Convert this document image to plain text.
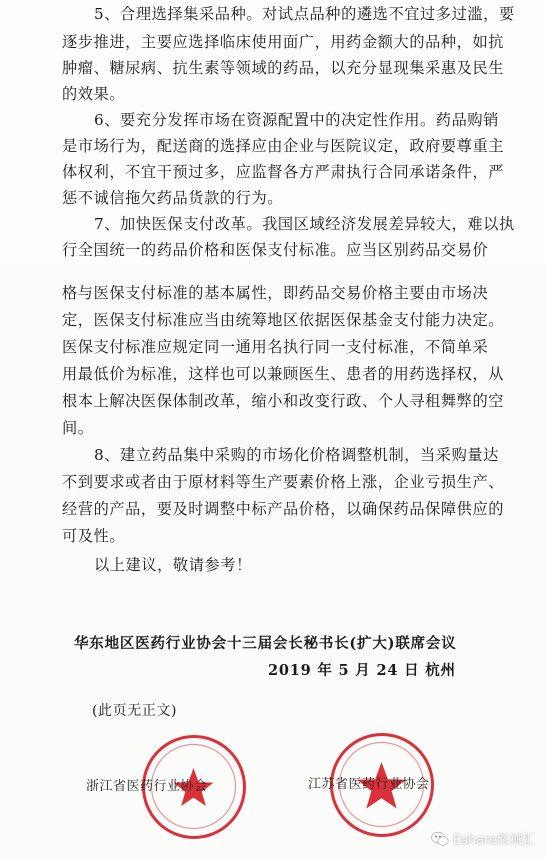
5、合理选择集采品种。对试点品种的遴选不宜过多过滥，要
逐步推进，主要应选择临床使用面广，用药金额大的品种，如抗
肿瘤、糖尿病、抗生素等领域的药品，以充分显现集采惠及民生
的效果。
6、要充分发挥市场在资源配置中的决定性作用。药品购销
是市场行为，配送商的选择应由企业与医院议定，政府要尊重主
体权利，不宜干预过多，应监督各方严肃执行合同承诺条件，严
惩不诚信拖欠药品货款的行为。
7、加快医保支付改革。我国区域经济发展差异较大，难以执
行全国统一的药品价格和医保支付标准。应当区别药品交易价
格与医保支付标准的基本属性，即药品交易价格主要由市场决
定，医保支付标准应当由统筹地区依据医保基金支付能力决定。
医保支付标准应规定同一通用名执行同一支付标准，不简单采
用最低价为标准，这样也可以兼顾医生、患者的用药选择权，从
根本上解决医保体制改革，缩小和改变行政、个人寻租舞弊的空
间。
8、建立药品集中采购的市场化价格调整机制，当采购量达
不到要求或者由于原材料等生产要素价格上涨，企业亏损生产、
经营的产品，要及时调整中标产品价格，以确保药品保障供应的
可及性。
以上建议，敬请参考！
华东地区医药行业协会十三届会长秘书长(扩大)联席会议
2019 年 5 月 24 日 杭州
(此页无正文)
浙江省医药行业协会	江苏省医药行业协会
Eshare医械汇
